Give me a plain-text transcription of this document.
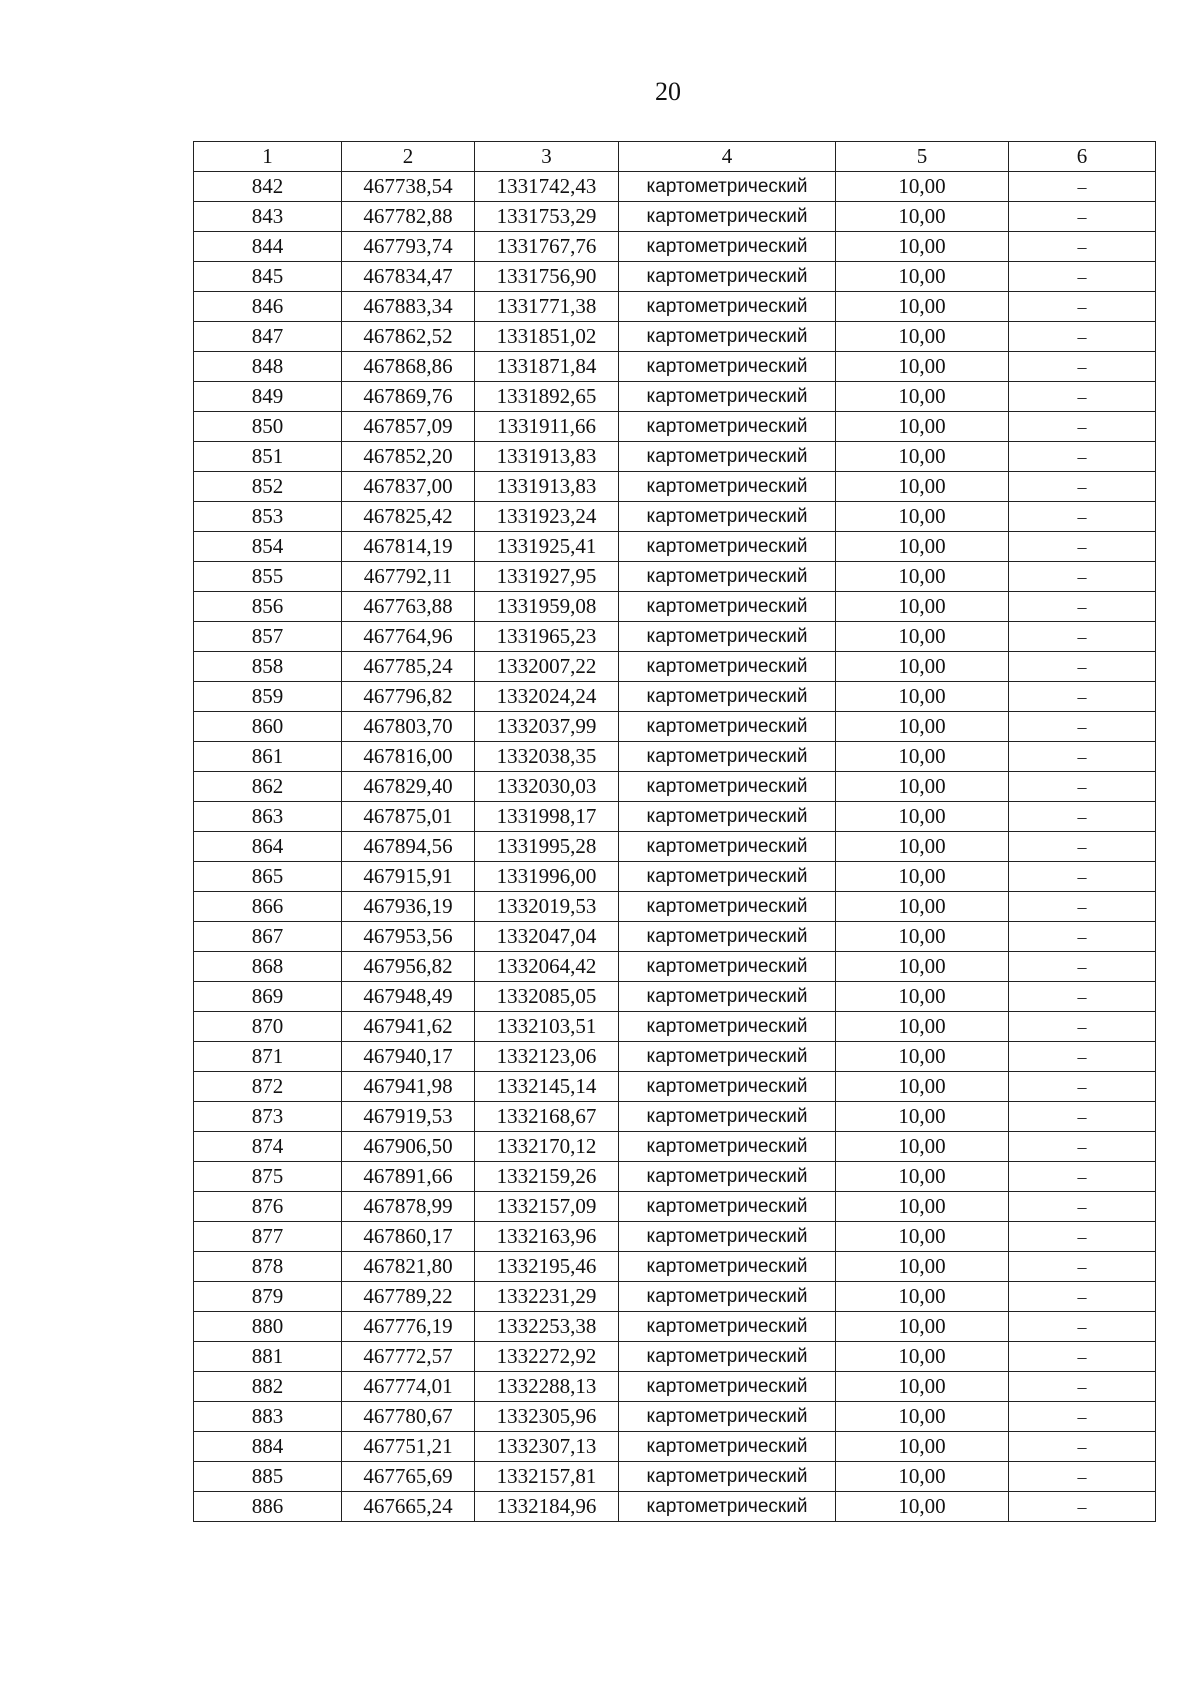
20
1	2	3	4	5	6
842	467738,54	1331742,43	картометрический	10,00	–
843	467782,88	1331753,29	картометрический	10,00	–
844	467793,74	1331767,76	картометрический	10,00	–
845	467834,47	1331756,90	картометрический	10,00	–
846	467883,34	1331771,38	картометрический	10,00	–
847	467862,52	1331851,02	картометрический	10,00	–
848	467868,86	1331871,84	картометрический	10,00	–
849	467869,76	1331892,65	картометрический	10,00	–
850	467857,09	1331911,66	картометрический	10,00	–
851	467852,20	1331913,83	картометрический	10,00	–
852	467837,00	1331913,83	картометрический	10,00	–
853	467825,42	1331923,24	картометрический	10,00	–
854	467814,19	1331925,41	картометрический	10,00	–
855	467792,11	1331927,95	картометрический	10,00	–
856	467763,88	1331959,08	картометрический	10,00	–
857	467764,96	1331965,23	картометрический	10,00	–
858	467785,24	1332007,22	картометрический	10,00	–
859	467796,82	1332024,24	картометрический	10,00	–
860	467803,70	1332037,99	картометрический	10,00	–
861	467816,00	1332038,35	картометрический	10,00	–
862	467829,40	1332030,03	картометрический	10,00	–
863	467875,01	1331998,17	картометрический	10,00	–
864	467894,56	1331995,28	картометрический	10,00	–
865	467915,91	1331996,00	картометрический	10,00	–
866	467936,19	1332019,53	картометрический	10,00	–
867	467953,56	1332047,04	картометрический	10,00	–
868	467956,82	1332064,42	картометрический	10,00	–
869	467948,49	1332085,05	картометрический	10,00	–
870	467941,62	1332103,51	картометрический	10,00	–
871	467940,17	1332123,06	картометрический	10,00	–
872	467941,98	1332145,14	картометрический	10,00	–
873	467919,53	1332168,67	картометрический	10,00	–
874	467906,50	1332170,12	картометрический	10,00	–
875	467891,66	1332159,26	картометрический	10,00	–
876	467878,99	1332157,09	картометрический	10,00	–
877	467860,17	1332163,96	картометрический	10,00	–
878	467821,80	1332195,46	картометрический	10,00	–
879	467789,22	1332231,29	картометрический	10,00	–
880	467776,19	1332253,38	картометрический	10,00	–
881	467772,57	1332272,92	картометрический	10,00	–
882	467774,01	1332288,13	картометрический	10,00	–
883	467780,67	1332305,96	картометрический	10,00	–
884	467751,21	1332307,13	картометрический	10,00	–
885	467765,69	1332157,81	картометрический	10,00	–
886	467665,24	1332184,96	картометрический	10,00	–
